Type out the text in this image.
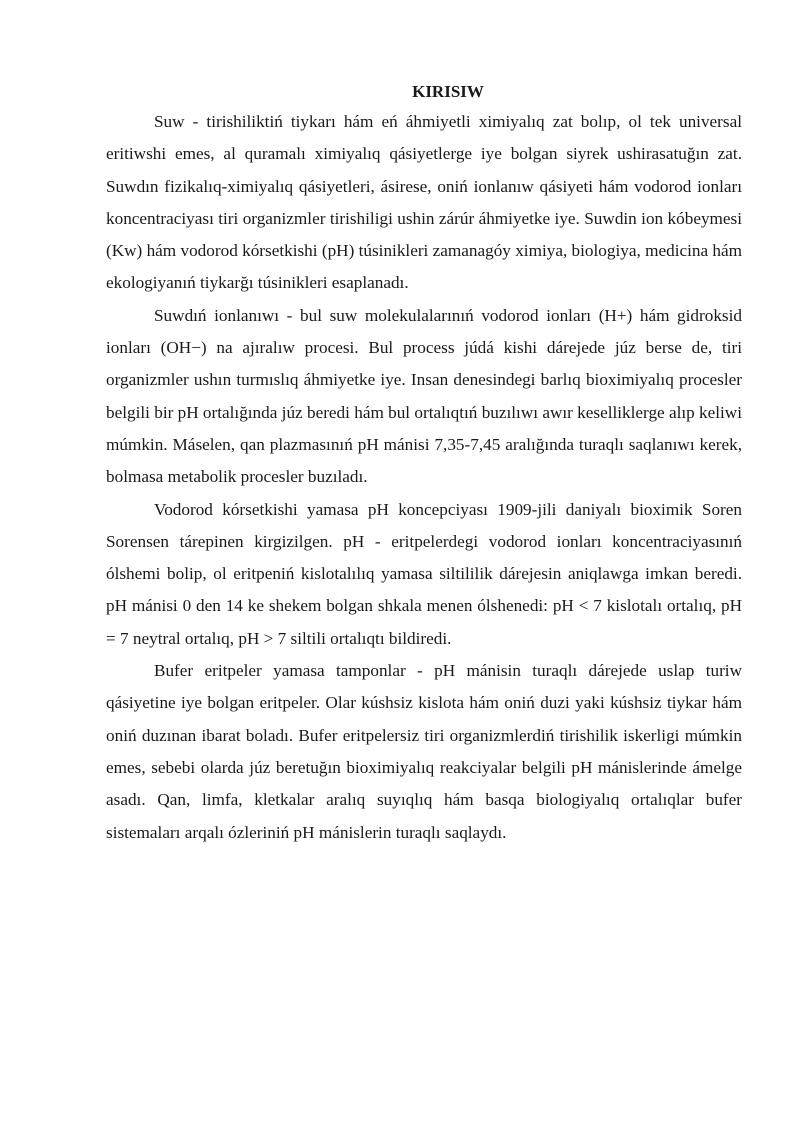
KIRISIW

Suw - tirishiliktiń tiykarı hám eń áhmiyetli ximiyalıq zat bolıp, ol tek universal eritiwshi emes, al quramalı ximiyalıq qásiyetlerge iye bolgan siyrek ushirasatuğın zat. Suwdın fizikalıq-ximiyalıq qásiyetleri, ásirese, oniń ionlanıw qásiyeti hám vodorod ionları koncentraciyası tiri organizmler tirishiligi ushin zárúr áhmiyetke iye. Suwdin ion kóbeymesi (Kw) hám vodorod kórsetkishi (pH) túsinikleri zamanagóy ximiya, biologiya, medicina hám ekologiyanıń tiykarğı túsinikleri esaplanadı.

Suwdıń ionlanıwı - bul suw molekulalarınıń vodorod ionları (H+) hám gidroksid ionları (OH−) na ajıralıw procesi. Bul process júdá kishi dárejede júz berse de, tiri organizmler ushın turmıslıq áhmiyetke iye. Insan denesindegi barlıq bioximiyalıq procesler belgili bir pH ortalığında júz beredi hám bul ortalıqtıń buzılıwı awır keselliklerge alıp keliwi múmkin. Máselen, qan plazmasınıń pH mánisi 7,35-7,45 aralığında turaqlı saqlanıwı kerek, bolmasa metabolik procesler buzıladı.

Vodorod kórsetkishi yamasa pH koncepciyası 1909-jili daniyalı bioximik Soren Sorensen tárepinen kirgizilgen. pH - eritpelerdegi vodorod ionları koncentraciyasınıń ólshemi bolip, ol eritpeniń kislotalılıq yamasa siltililik dárejesin aniqlawga imkan beredi. pH mánisi 0 den 14 ke shekem bolgan shkala menen ólshenedi: pH < 7 kislotalı ortalıq, pH = 7 neytral ortalıq, pH > 7 siltili ortalıqtı bildiredi.

Bufer eritpeler yamasa tamponlar - pH mánisin turaqlı dárejede uslap turiw qásiyetine iye bolgan eritpeler. Olar kúshsiz kislota hám oniń duzi yaki kúshsiz tiykar hám oniń duzınan ibarat boladı. Bufer eritpelersiz tiri organizmlerdiń tirishilik iskerligi múmkin emes, sebebi olarda júz beretuğın bioximiyalıq reakciyalar belgili pH mánislerinde ámelge asadı. Qan, limfa, kletkalar aralıq suyıqlıq hám basqa biologiyalıq ortalıqlar bufer sistemaları arqalı ózleriniń pH mánislerin turaqlı saqlaydı.
